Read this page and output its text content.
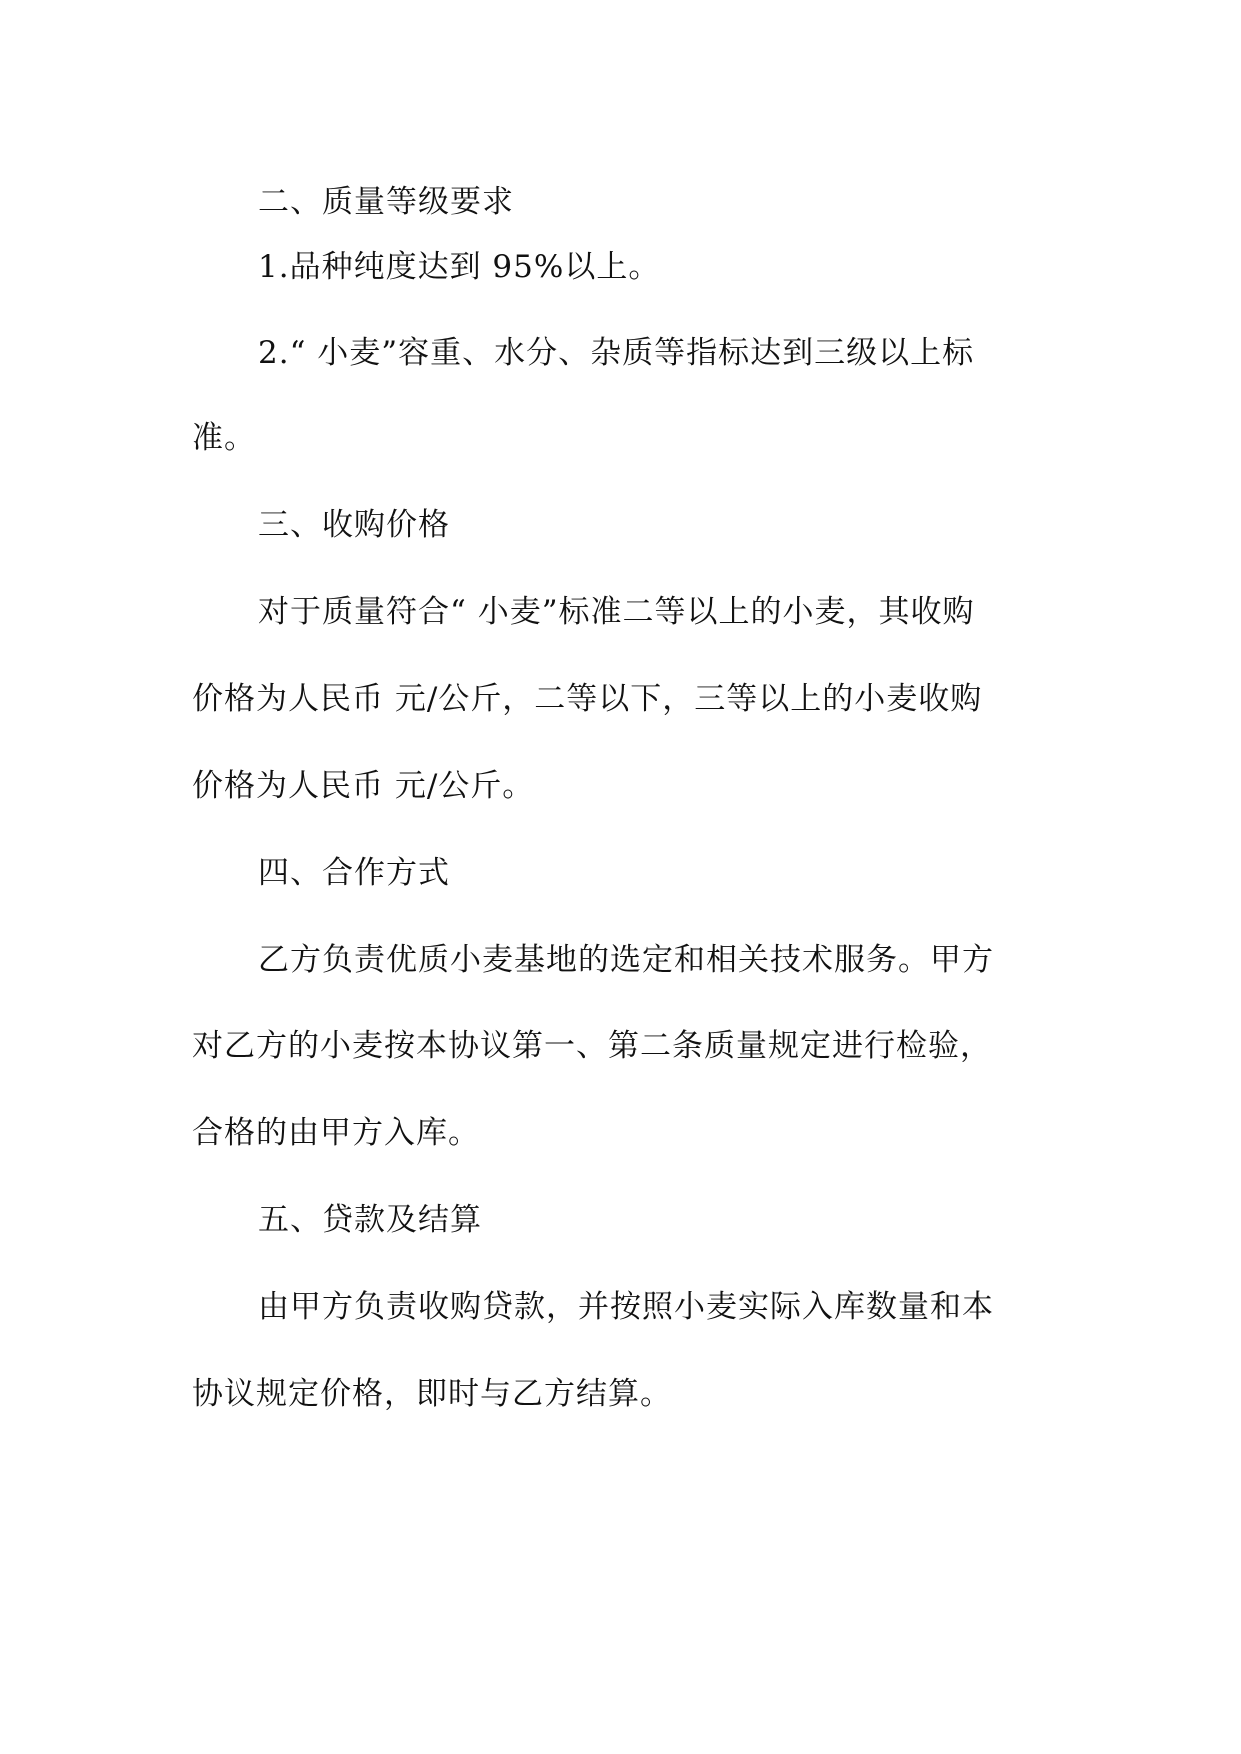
二、质量等级要求
1.品种纯度达到 95%以上。
2.“ 小麦”容重、水分、杂质等指标达到三级以上标
准。
三、收购价格
对于质量符合“ 小麦”标准二等以上的小麦，其收购
价格为人民币 元/公斤，二等以下，三等以上的小麦收购
价格为人民币 元/公斤。
四、合作方式
乙方负责优质小麦基地的选定和相关技术服务。甲方
对乙方的小麦按本协议第一、第二条质量规定进行检验，
合格的由甲方入库。
五、贷款及结算
由甲方负责收购贷款，并按照小麦实际入库数量和本
协议规定价格，即时与乙方结算。
